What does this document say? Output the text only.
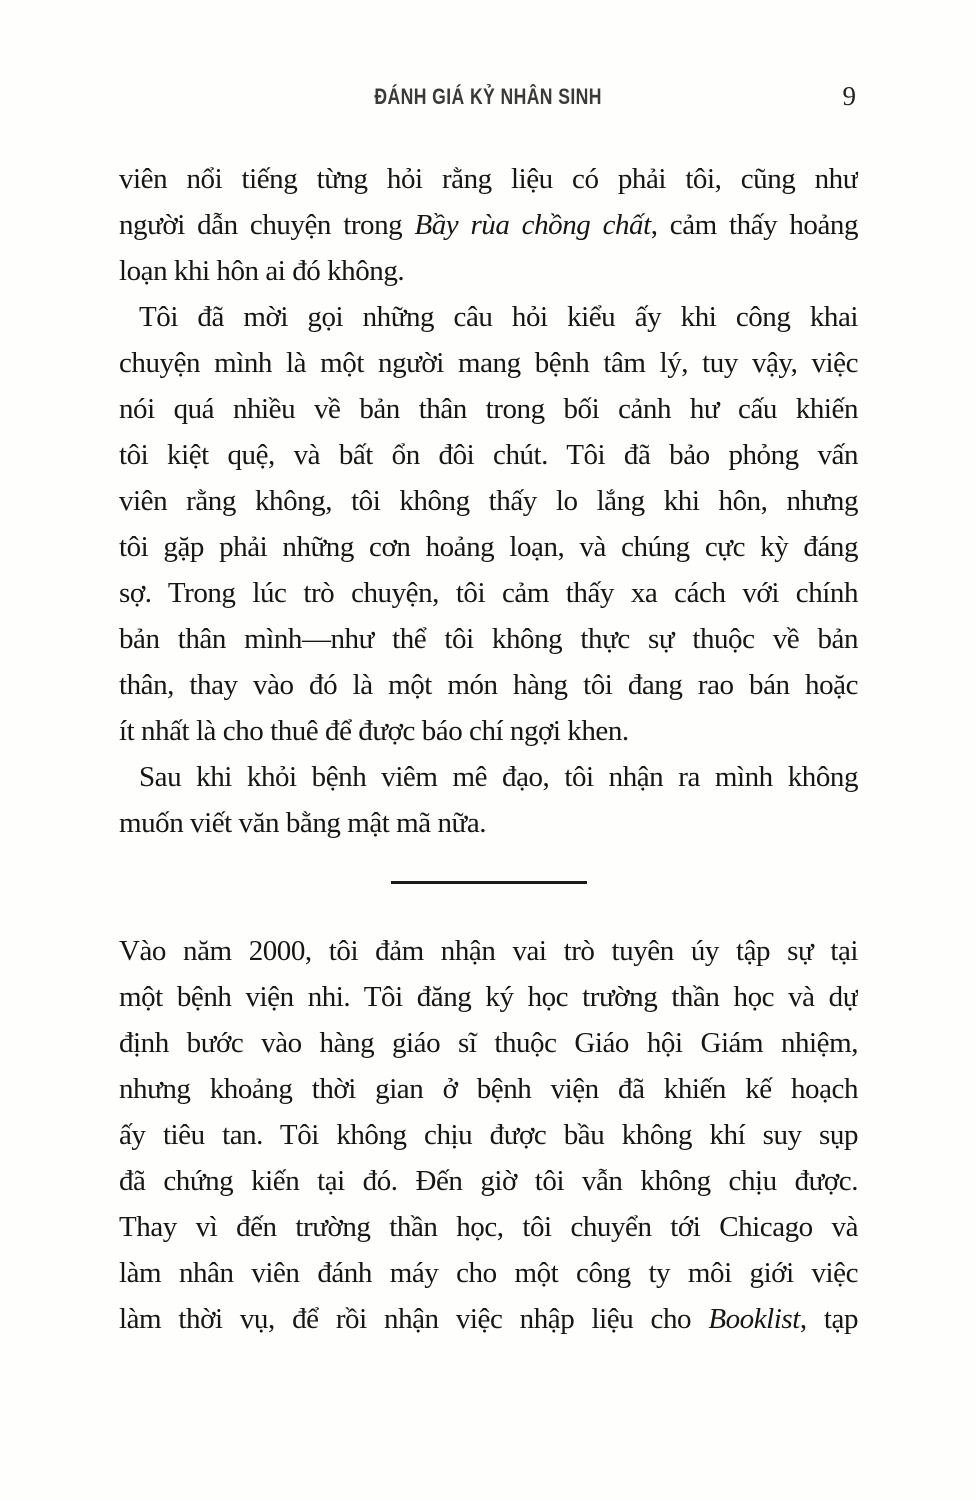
ĐÁNH GIÁ KỶ NHÂN SINH	9
viên nổi tiếng từng hỏi rằng liệu có phải tôi, cũng như
người dẫn chuyện trong Bầy rùa chồng chất, cảm thấy hoảng
loạn khi hôn ai đó không.
Tôi đã mời gọi những câu hỏi kiểu ấy khi công khai
chuyện mình là một người mang bệnh tâm lý, tuy vậy, việc
nói quá nhiều về bản thân trong bối cảnh hư cấu khiến
tôi kiệt quệ, và bất ổn đôi chút. Tôi đã bảo phỏng vấn
viên rằng không, tôi không thấy lo lắng khi hôn, nhưng
tôi gặp phải những cơn hoảng loạn, và chúng cực kỳ đáng
sợ. Trong lúc trò chuyện, tôi cảm thấy xa cách với chính
bản thân mình—như thể tôi không thực sự thuộc về bản
thân, thay vào đó là một món hàng tôi đang rao bán hoặc
ít nhất là cho thuê để được báo chí ngợi khen.
Sau khi khỏi bệnh viêm mê đạo, tôi nhận ra mình không
muốn viết văn bằng mật mã nữa.
Vào năm 2000, tôi đảm nhận vai trò tuyên úy tập sự tại
một bệnh viện nhi. Tôi đăng ký học trường thần học và dự
định bước vào hàng giáo sĩ thuộc Giáo hội Giám nhiệm,
nhưng khoảng thời gian ở bệnh viện đã khiến kế hoạch
ấy tiêu tan. Tôi không chịu được bầu không khí suy sụp
đã chứng kiến tại đó. Đến giờ tôi vẫn không chịu được.
Thay vì đến trường thần học, tôi chuyển tới Chicago và
làm nhân viên đánh máy cho một công ty môi giới việc
làm thời vụ, để rồi nhận việc nhập liệu cho Booklist, tạp
